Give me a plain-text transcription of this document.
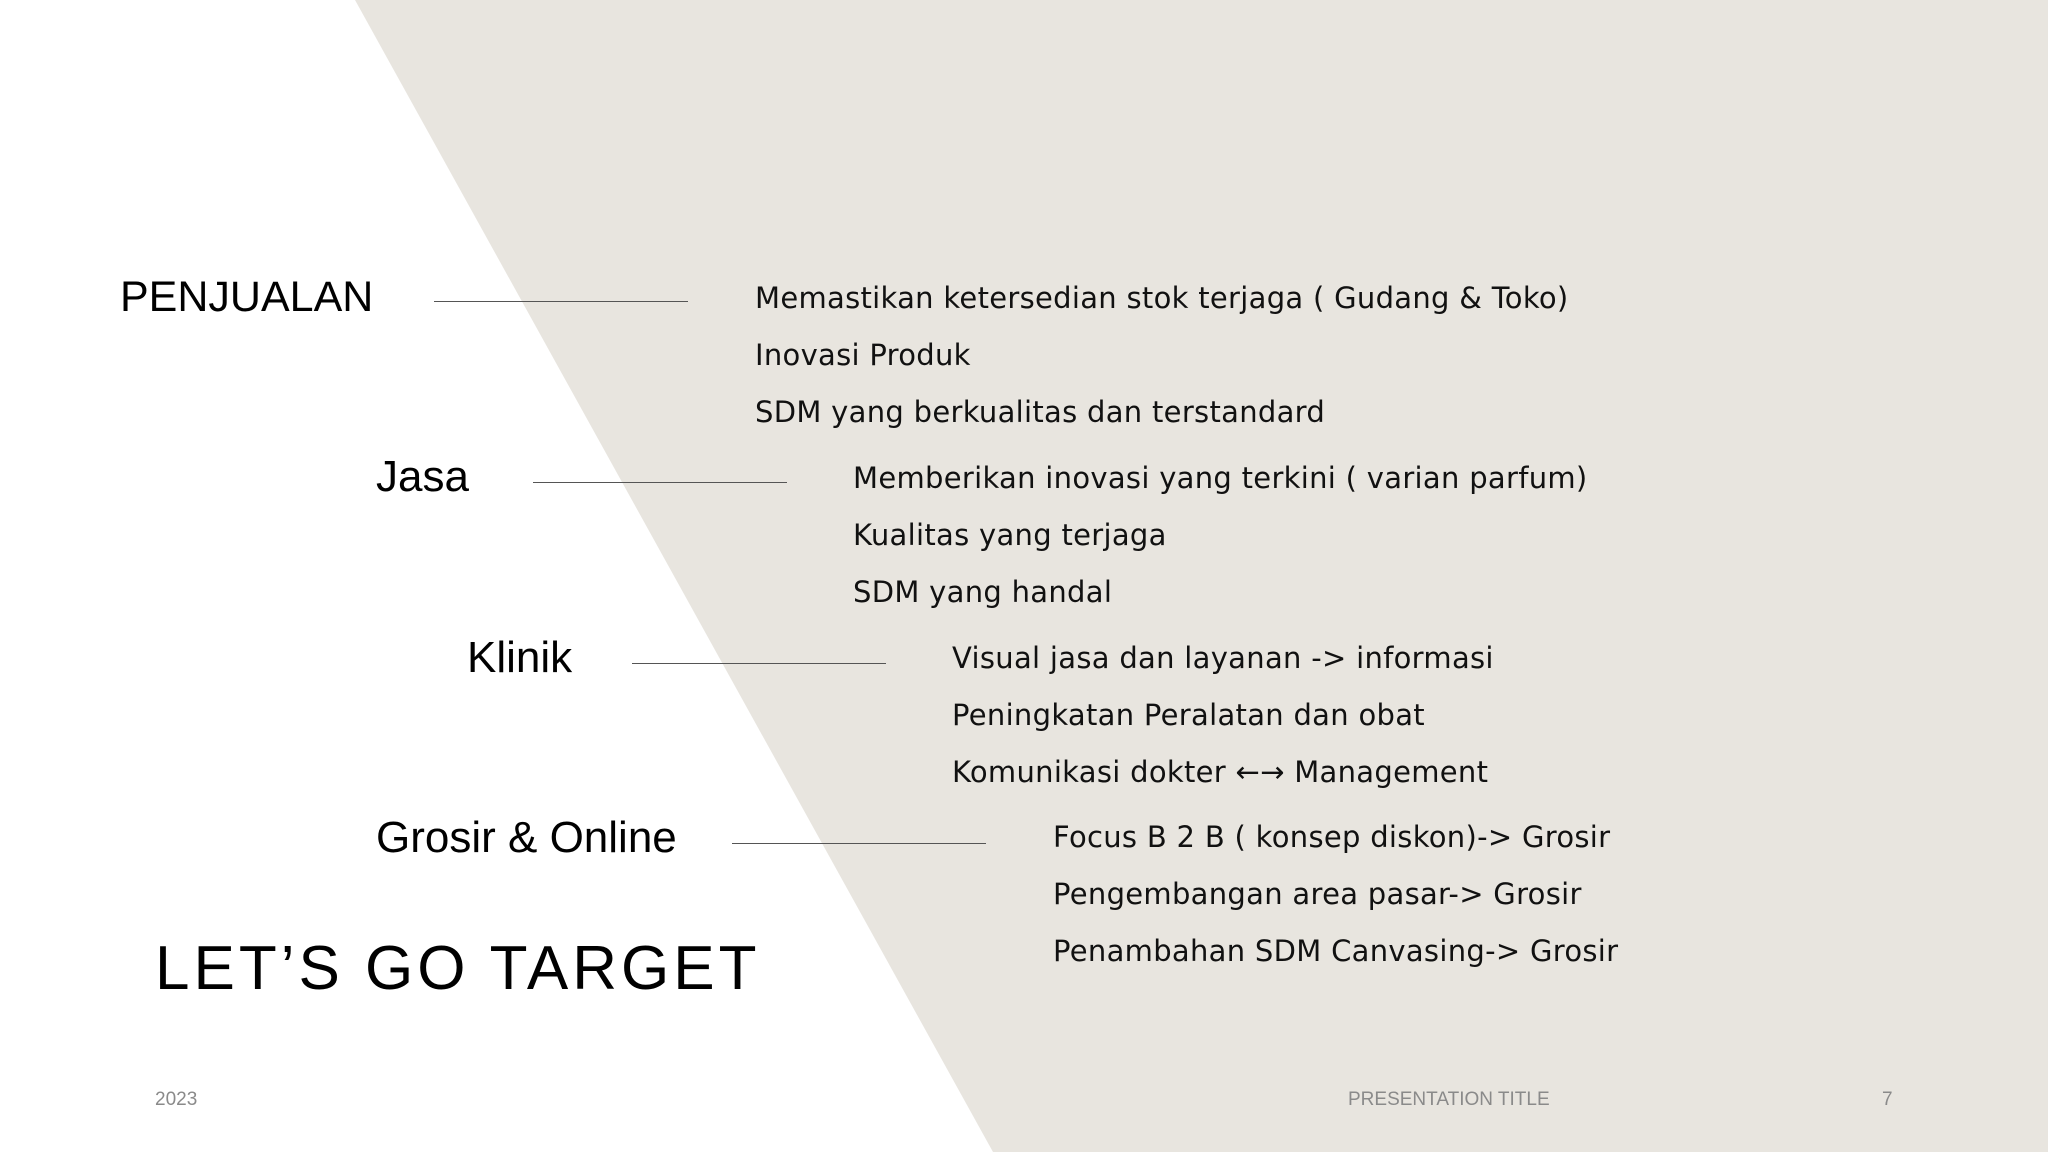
PENJUALAN	Memastikan ketersedian stok terjaga ( Gudang & Toko)
Inovasi Produk
SDM yang berkualitas dan terstandard
Jasa	Memberikan inovasi yang terkini ( varian parfum)
Kualitas yang terjaga
SDM yang handal
Klinik	Visual jasa dan layanan -> informasi
Peningkatan Peralatan dan obat
Komunikasi dokter ←→ Management
Grosir & Online	Focus B 2 B ( konsep diskon)-> Grosir
Pengembangan area pasar-> Grosir
Penambahan SDM Canvasing-> Grosir
LET’S GO TARGET
2023	PRESENTATION TITLE	7
